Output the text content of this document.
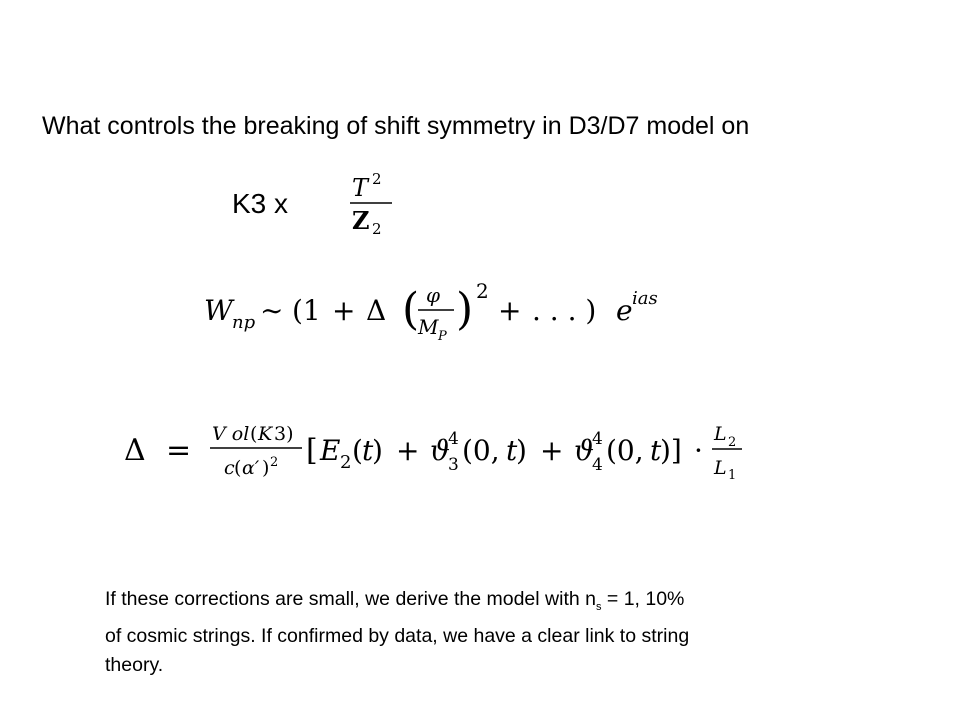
What controls the breaking of shift symmetry in D3/D7 model on
K3 x	T 2
Z 2
W np ∼ (1 + Δ ( φ
M P
) 2
+ . . . ) e ias
Δ = V ol ( K 3)
c ( α′ ) 2 [ E 2 ( t
) + ϑ
4
3 (0, t
) + ϑ
4
4 (0, t
)] · L 2
L 1
If these corrections are small, we derive the model with $n_s = 1$, 10%
of cosmic strings. If confirmed by data, we have a clear link to string
theory.
